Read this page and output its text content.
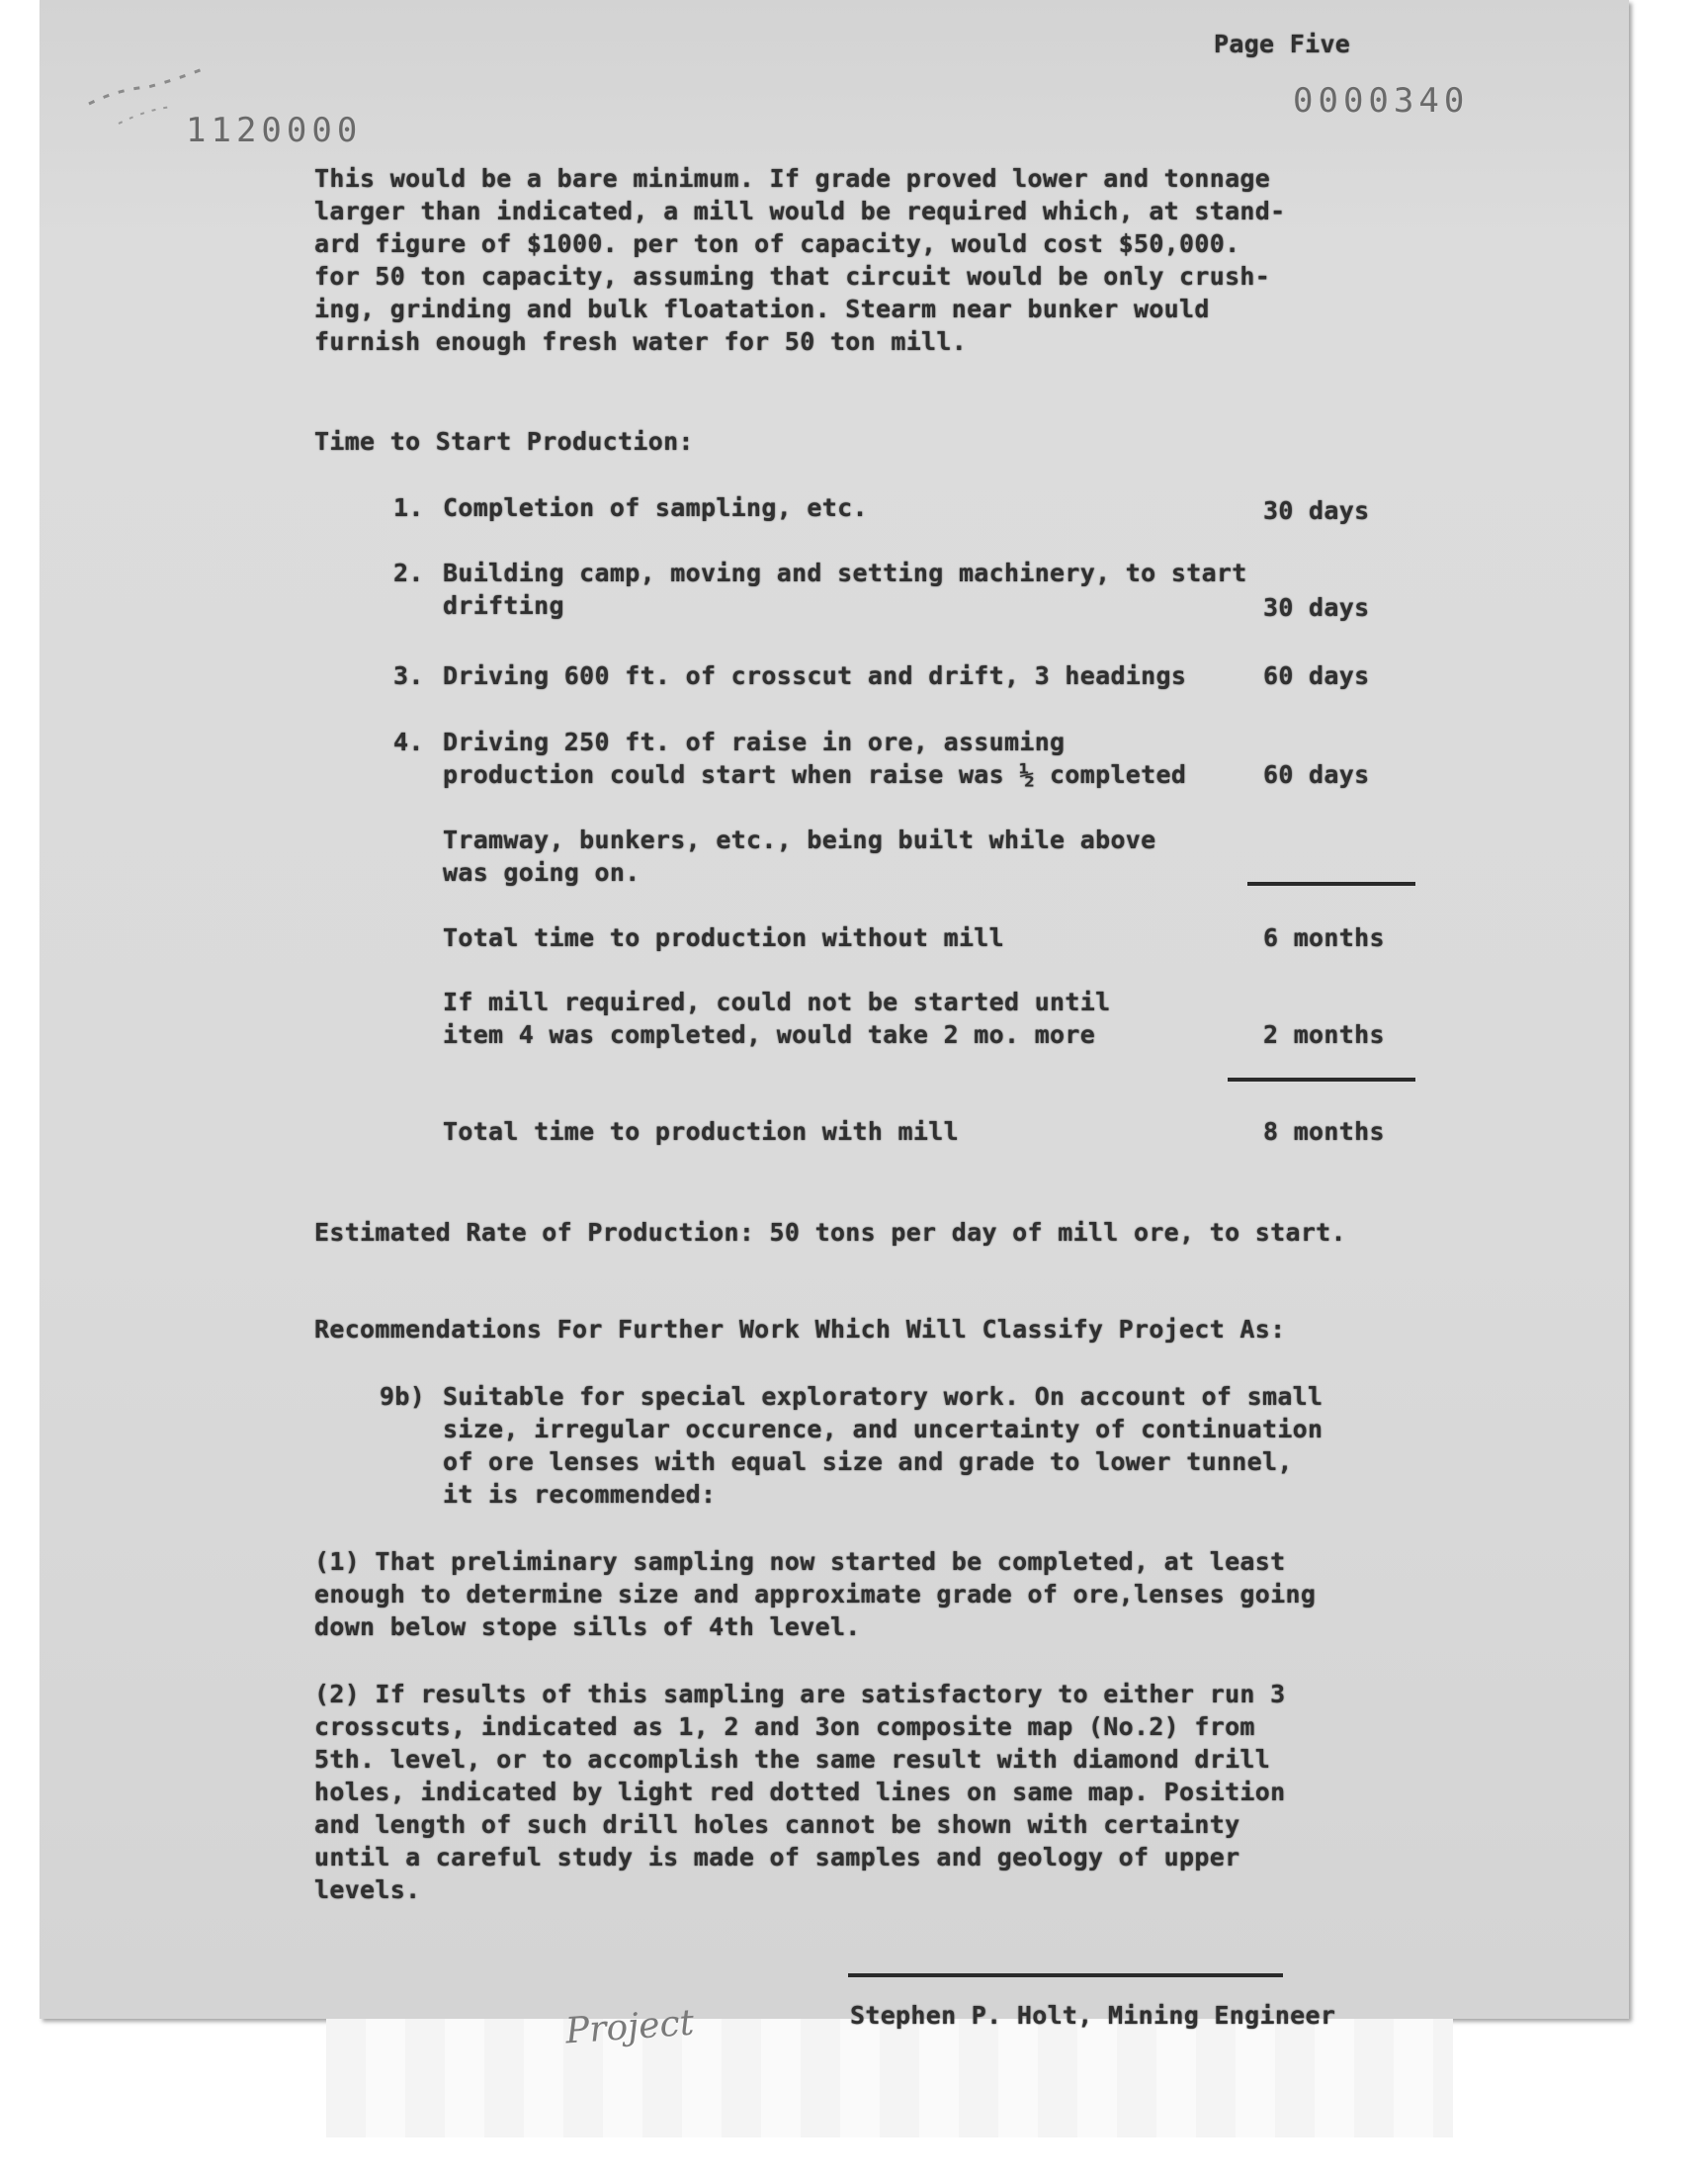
Page Five
0000340
1120000
This would be a bare minimum. If grade proved lower and tonnage
larger than indicated, a mill would be required which, at stand-
ard figure of $1000. per ton of capacity, would cost $50,000.
for 50 ton capacity, assuming that circuit would be only crush-
ing, grinding and bulk floatation. Stearm near bunker would
furnish enough fresh water for 50 ton mill.
Time to Start Production:
1. Completion of sampling, etc.	30 days
2. Building camp, moving and setting machinery, to start
drifting	30 days
3. Driving 600 ft. of crosscut and drift, 3 headings	60 days
4. Driving 250 ft. of raise in ore, assuming
production could start when raise was ½ completed	60 days
Tramway, bunkers, etc., being built while above
was going on.
Total time to production without mill	6 months
If mill required, could not be started until
item 4 was completed, would take 2 mo. more	2 months
Total time to production with mill	8 months
Estimated Rate of Production: 50 tons per day of mill ore, to start.
Recommendations For Further Work Which Will Classify Project As:
9b) Suitable for special exploratory work. On account of small
size, irregular occurence, and uncertainty of continuation
of ore lenses with equal size and grade to lower tunnel,
it is recommended:
(1) That preliminary sampling now started be completed, at least
enough to determine size and approximate grade of ore,lenses going
down below stope sills of 4th level.
(2) If results of this sampling are satisfactory to either run 3
crosscuts, indicated as 1, 2 and 3on composite map (No.2) from
5th. level, or to accomplish the same result with diamond drill
holes, indicated by light red dotted lines on same map. Position
and length of such drill holes cannot be shown with certainty
until a careful study is made of samples and geology of upper
levels.
Stephen P. Holt, Mining Engineer
Project
